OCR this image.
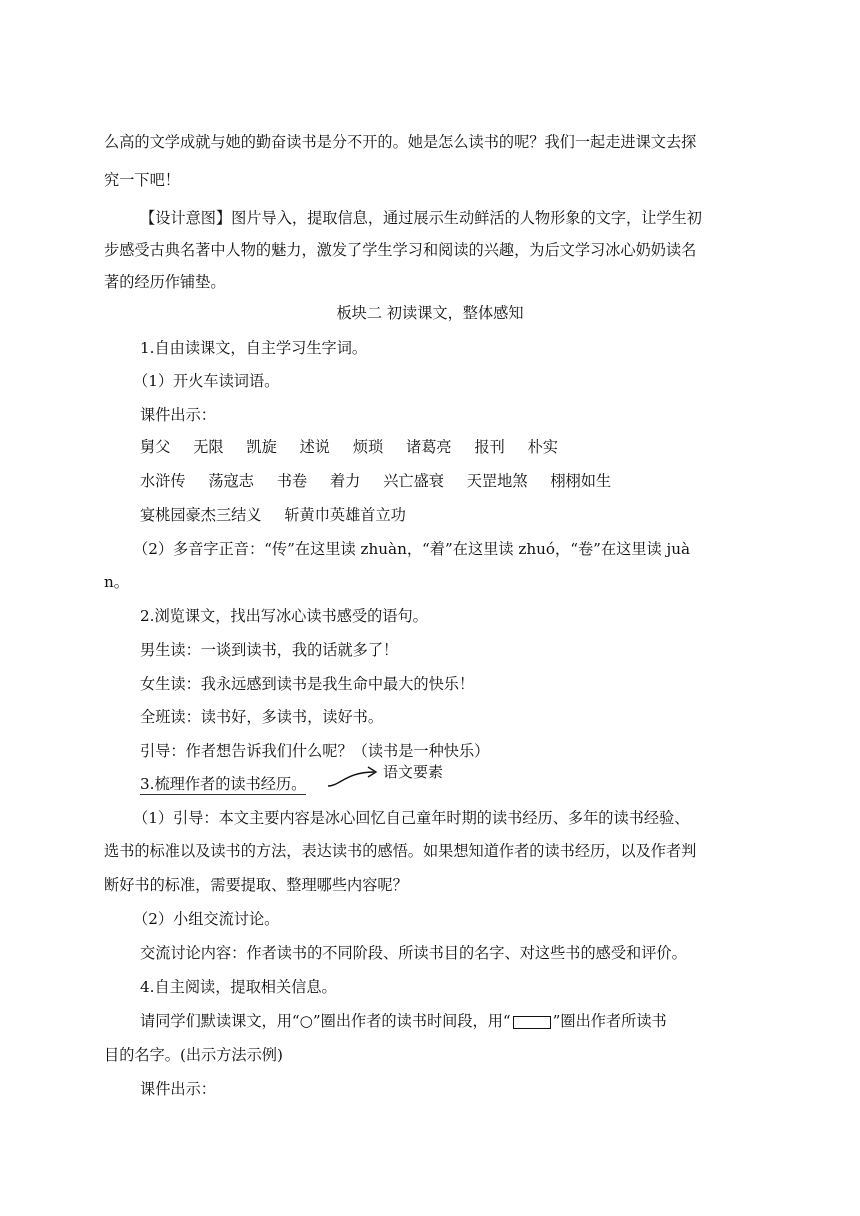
么高的文学成就与她的勤奋读书是分不开的。她是怎么读书的呢？我们一起走进课文去探
究一下吧！
【设计意图】图片导入，提取信息，通过展示生动鲜活的人物形象的文字，让学生初
步感受古典名著中人物的魅力，激发了学生学习和阅读的兴趣，为后文学习冰心奶奶读名
著的经历作铺垫。
板块二 初读课文，整体感知
1.自由读课文，自主学习生字词。
（1）开火车读词语。
课件出示：
舅父 无限 凯旋 述说 烦琐 诸葛亮 报刊 朴实
水浒传 荡寇志 书卷 着力 兴亡盛衰 天罡地煞 栩栩如生
宴桃园豪杰三结义 斩黄巾英雄首立功
（2）多音字正音：“传”在这里读 zhuàn，“着”在这里读 zhuó，“卷”在这里读 juà
n。
2.浏览课文，找出写冰心读书感受的语句。
男生读：一谈到读书，我的话就多了！
女生读：我永远感到读书是我生命中最大的快乐！
全班读：读书好，多读书，读好书。
引导：作者想告诉我们什么呢？（读书是一种快乐）
3.梳理作者的读书经历。
语文要素
（1）引导：本文主要内容是冰心回忆自己童年时期的读书经历、多年的读书经验、
选书的标准以及读书的方法，表达读书的感悟。如果想知道作者的读书经历，以及作者判
断好书的标准，需要提取、整理哪些内容呢？
（2）小组交流讨论。
交流讨论内容：作者读书的不同阶段、所读书目的名字、对这些书的感受和评价。
4.自主阅读，提取相关信息。
请同学们默读课文，用“○”圈出作者的读书时间段，用“	”圈出作者所读书
目的名字。(出示方法示例)
课件出示：
